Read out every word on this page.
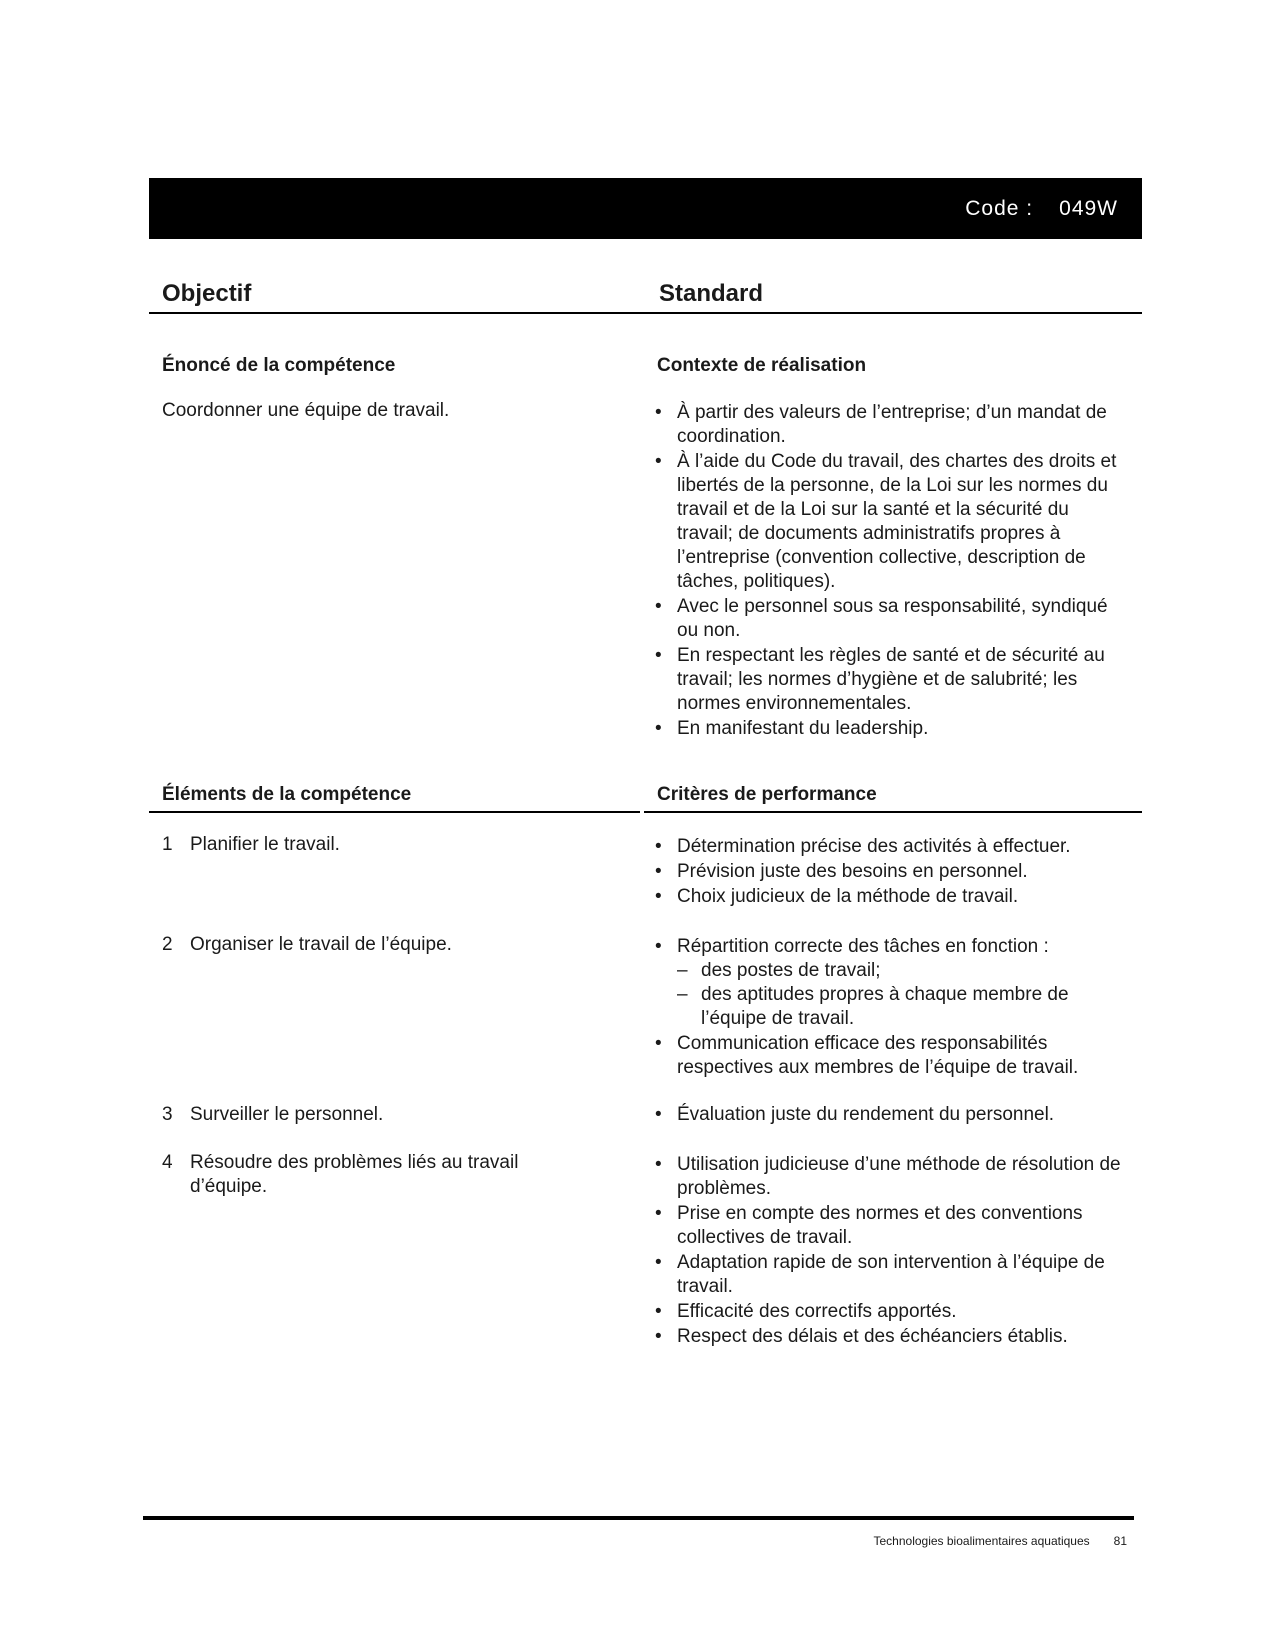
Code : 049W
Objectif	Standard
Énoncé de la compétence
Coordonner une équipe de travail.
Contexte de réalisation
• À partir des valeurs de l’entreprise; d’un mandat de coordination.
• À l’aide du Code du travail, des chartes des droits et libertés de la personne, de la Loi sur les normes du travail et de la Loi sur la santé et la sécurité du travail; de documents administratifs propres à l’entreprise (convention collective, description de tâches, politiques).
• Avec le personnel sous sa responsabilité, syndiqué ou non.
• En respectant les règles de santé et de sécurité au travail; les normes d’hygiène et de salubrité; les normes environnementales.
• En manifestant du leadership.
Éléments de la compétence	Critères de performance
1 Planifier le travail.
2 Organiser le travail de l’équipe.
3 Surveiller le personnel.
4 Résoudre des problèmes liés au travail d’équipe.
• Détermination précise des activités à effectuer.
• Prévision juste des besoins en personnel.
• Choix judicieux de la méthode de travail.
• Répartition correcte des tâches en fonction :
– des postes de travail;
– des aptitudes propres à chaque membre de l’équipe de travail.
• Communication efficace des responsabilités respectives aux membres de l’équipe de travail.
• Évaluation juste du rendement du personnel.
• Utilisation judicieuse d’une méthode de résolution de problèmes.
• Prise en compte des normes et des conventions collectives de travail.
• Adaptation rapide de son intervention à l’équipe de travail.
• Efficacité des correctifs apportés.
• Respect des délais et des échéanciers établis.
Technologies bioalimentaires aquatiques 81
